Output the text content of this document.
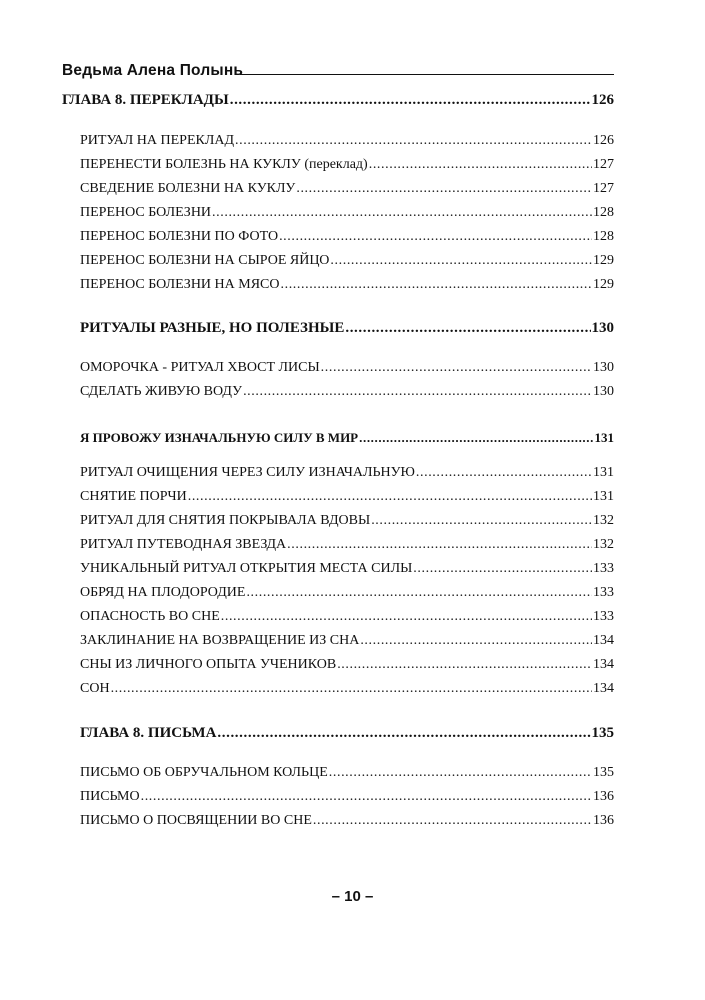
Ведьма Алена Полынь
ГЛАВА 8. ПЕРЕКЛАДЫ .....	126
РИТУАЛ НА ПЕРЕКЛАД .....	126
ПЕРЕНЕСТИ БОЛЕЗНЬ НА КУКЛУ (переклад) .....	127
СВЕДЕНИЕ БОЛЕЗНИ НА КУКЛУ .....	127
ПЕРЕНОС БОЛЕЗНИ .....	128
ПЕРЕНОС БОЛЕЗНИ ПО ФОТО .....	128
ПЕРЕНОС БОЛЕЗНИ НА СЫРОЕ ЯЙЦО .....	129
ПЕРЕНОС БОЛЕЗНИ НА МЯСО .....	129
РИТУАЛЫ РАЗНЫЕ, НО ПОЛЕЗНЫЕ .....	130
ОМОРОЧКА - РИТУАЛ ХВОСТ ЛИСЫ .....	130
СДЕЛАТЬ ЖИВУЮ ВОДУ .....	130
Я ПРОВОЖУ ИЗНАЧАЛЬНУЮ СИЛУ В МИР .....	131
РИТУАЛ ОЧИЩЕНИЯ ЧЕРЕЗ СИЛУ ИЗНАЧАЛЬНУЮ .....	131
СНЯТИЕ ПОРЧИ .....	131
РИТУАЛ ДЛЯ СНЯТИЯ ПОКРЫВАЛА ВДОВЫ .....	132
РИТУАЛ ПУТЕВОДНАЯ ЗВЕЗДА .....	132
УНИКАЛЬНЫЙ РИТУАЛ ОТКРЫТИЯ МЕСТА СИЛЫ .....	133
ОБРЯД НА ПЛОДОРОДИЕ .....	133
ОПАСНОСТЬ ВО СНЕ .....	133
ЗАКЛИНАНИЕ НА ВОЗВРАЩЕНИЕ ИЗ СНА .....	134
СНЫ ИЗ ЛИЧНОГО ОПЫТА УЧЕНИКОВ .....	134
СОН .....	134
ГЛАВА 8. ПИСЬМА .....	135
ПИСЬМО ОБ ОБРУЧАЛЬНОМ КОЛЬЦЕ .....	135
ПИСЬМО .....	136
ПИСЬМО О ПОСВЯЩЕНИИ ВО СНЕ .....	136
– 10 –
